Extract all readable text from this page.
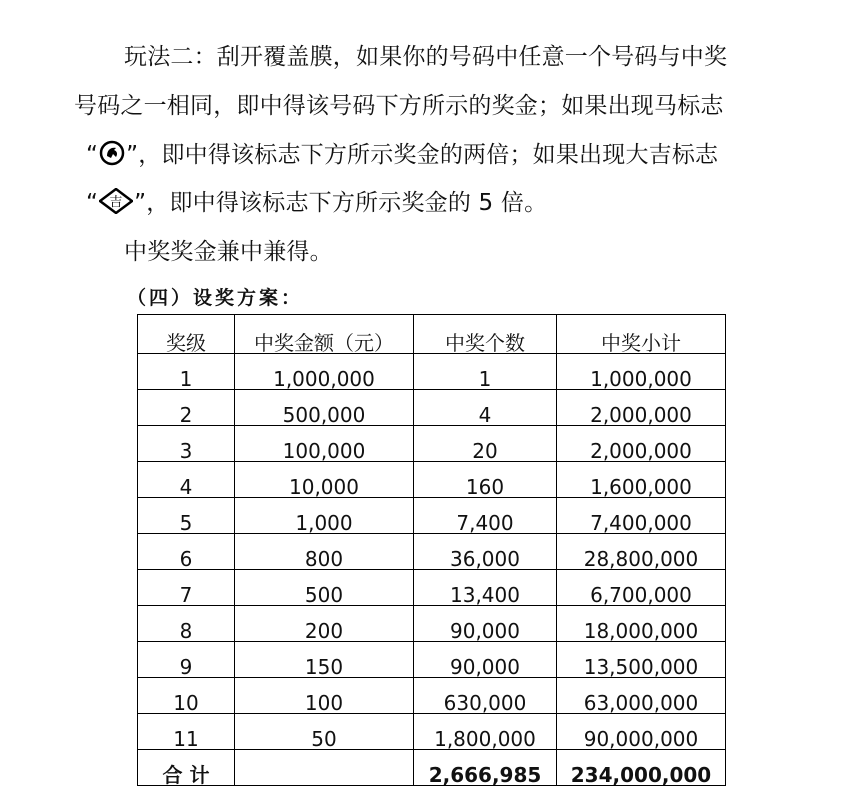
玩法二：刮开覆盖膜，如果你的号码中任意一个号码与中奖
号码之一相同，即中得该号码下方所示的奖金；如果出现马标志
“ ”，即中得该标志下方所示奖金的两倍；如果出现大吉标志
“ 吉 ”，即中得该标志下方所示奖金的 5 倍。
中奖奖金兼中兼得。
（四）设奖方案：
奖级	中奖金额（元）	中奖个数	中奖小计
1	1,000,000	1	1,000,000
2	500,000	4	2,000,000
3	100,000	20	2,000,000
4	10,000	160	1,600,000
5	1,000	7,400	7,400,000
6	800	36,000	28,800,000
7	500	13,400	6,700,000
8	200	90,000	18,000,000
9	150	90,000	13,500,000
10	100	630,000	63,000,000
11	50	1,800,000	90,000,000
合 计		2,666,985	234,000,000
